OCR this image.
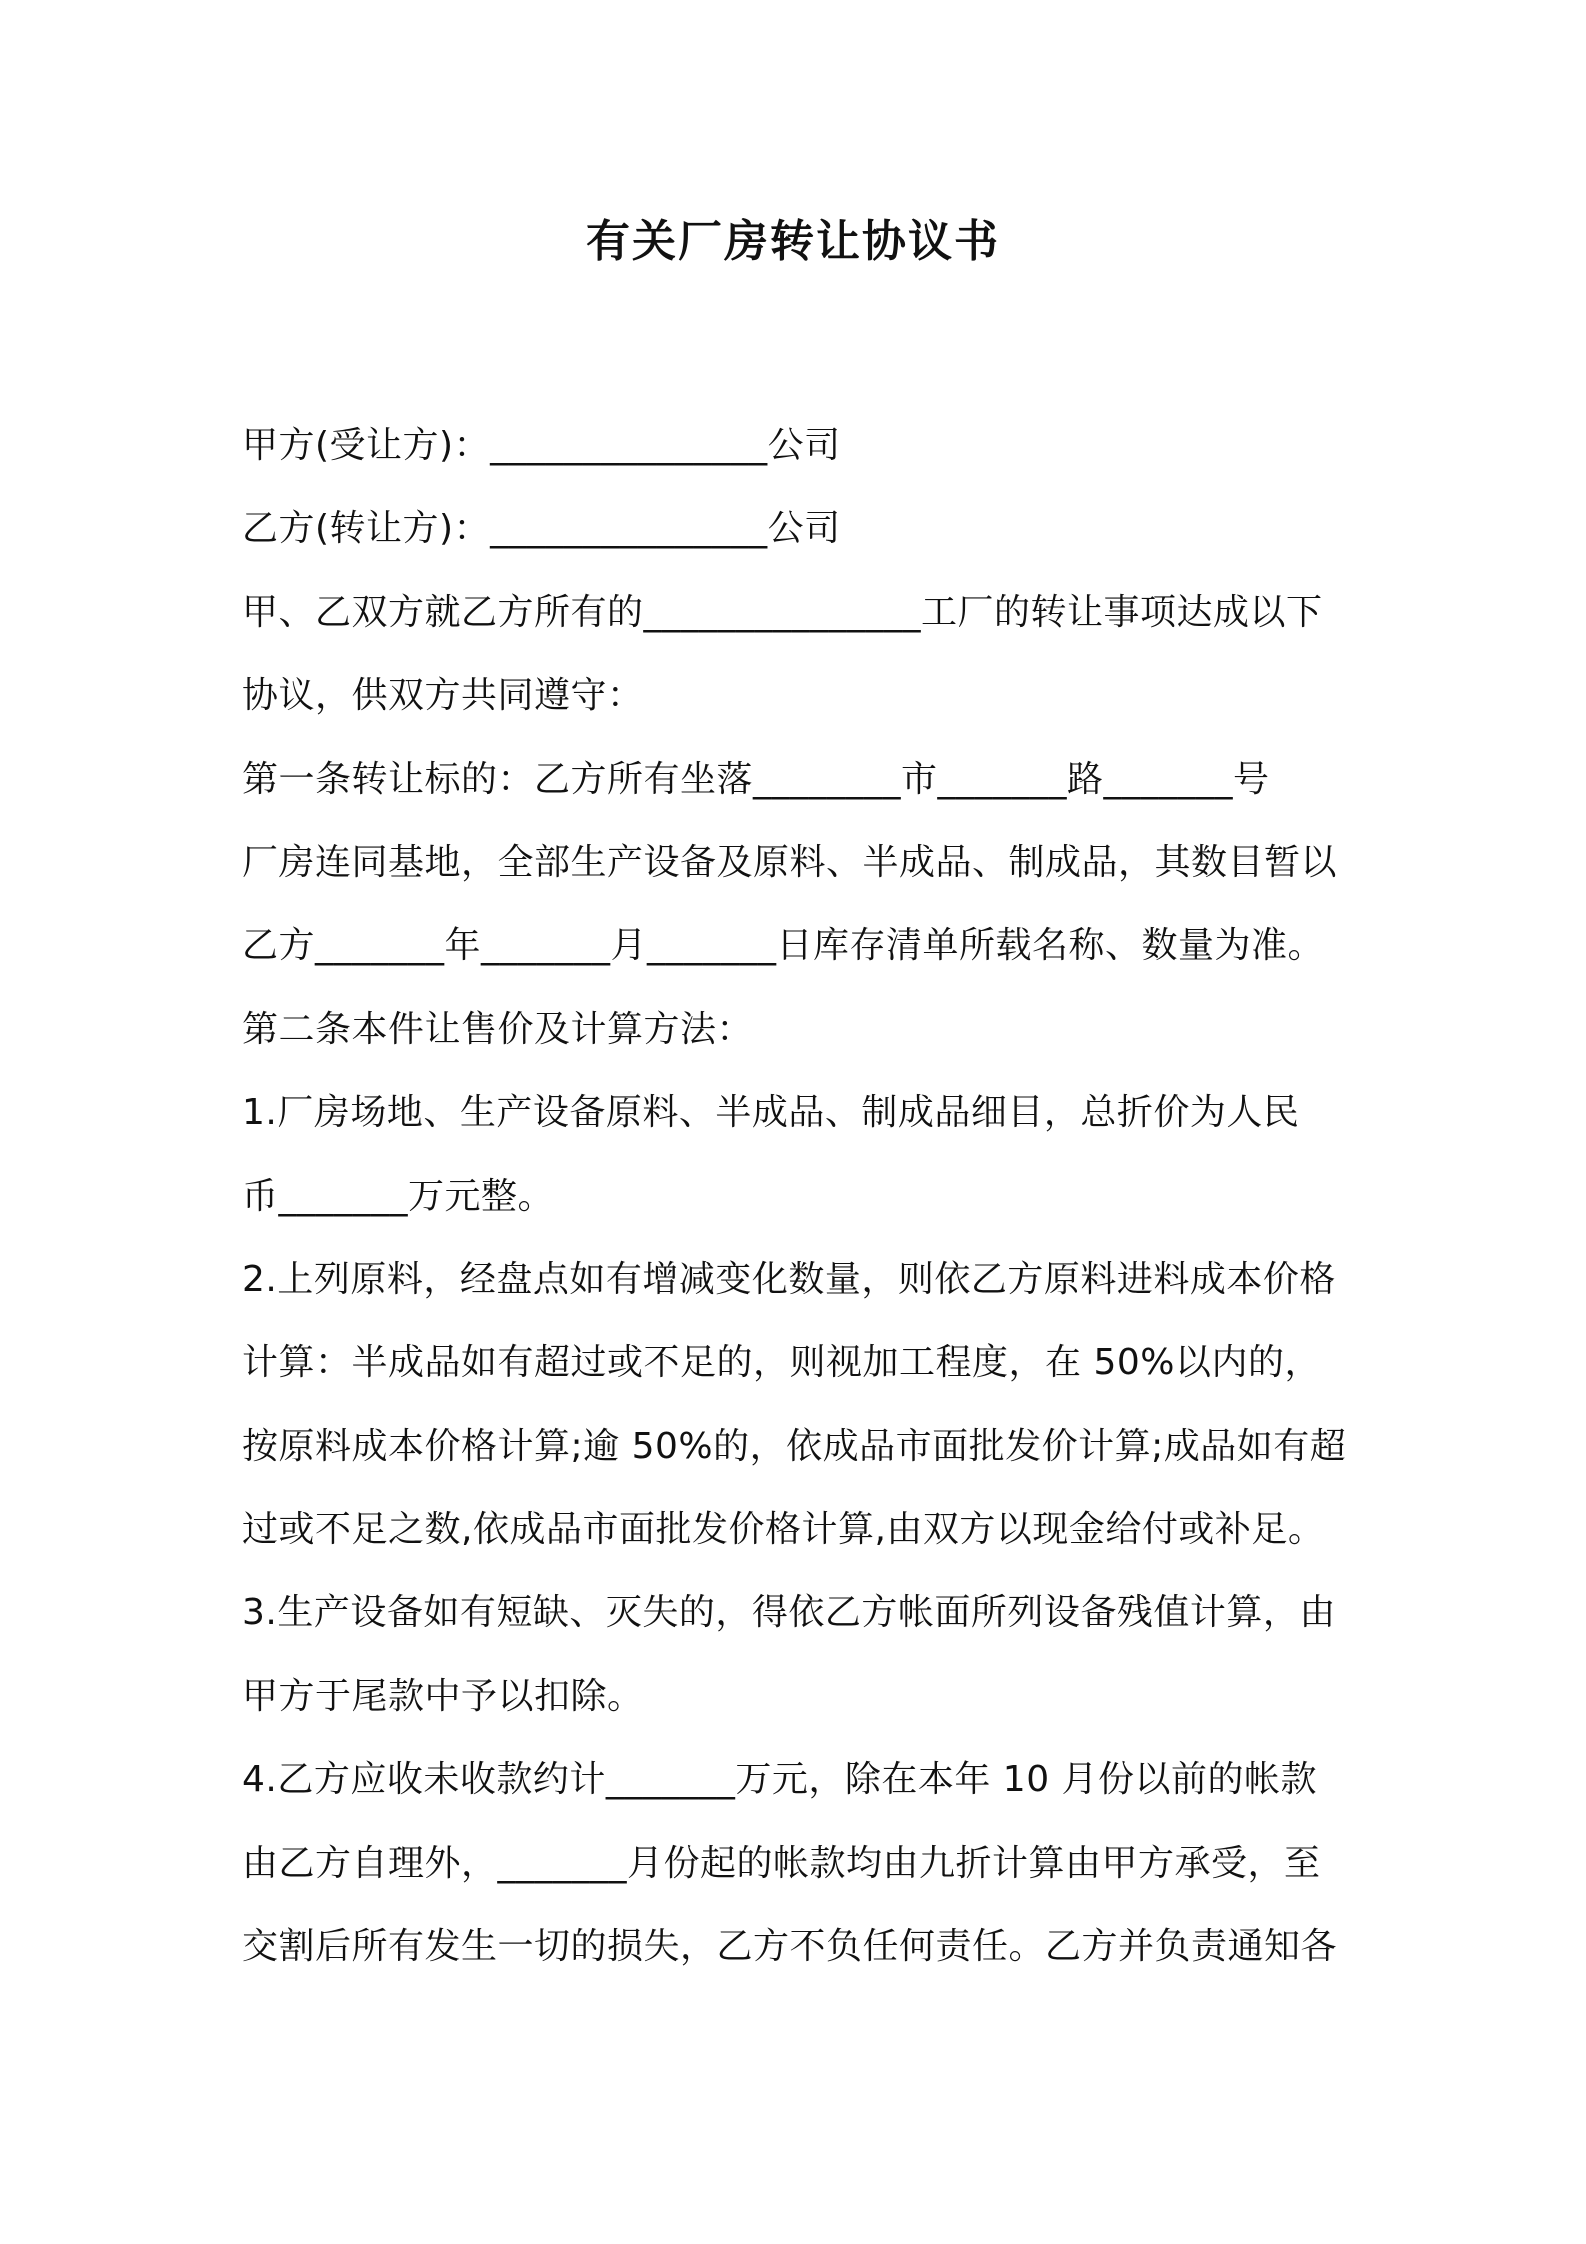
有关厂房转让协议书
甲方(受让方)：_______________公司
乙方(转让方)：_______________公司
甲、乙双方就乙方所有的_______________工厂的转让事项达成以下
协议，供双方共同遵守：
第一条转让标的：乙方所有坐落________市_______路_______号
厂房连同基地，全部生产设备及原料、半成品、制成品，其数目暂以
乙方_______年_______月_______日库存清单所载名称、数量为准。
第二条本件让售价及计算方法：
1.厂房场地、生产设备原料、半成品、制成品细目，总折价为人民
币_______万元整。
2.上列原料，经盘点如有增减变化数量，则依乙方原料进料成本价格
计算：半成品如有超过或不足的，则视加工程度，在 50%以内的，
按原料成本价格计算;逾 50%的，依成品市面批发价计算;成品如有超
过或不足之数,依成品市面批发价格计算,由双方以现金给付或补足。
3.生产设备如有短缺、灭失的，得依乙方帐面所列设备残值计算，由
甲方于尾款中予以扣除。
4.乙方应收未收款约计_______万元，除在本年 10 月份以前的帐款
由乙方自理外，_______月份起的帐款均由九折计算由甲方承受，至
交割后所有发生一切的损失，乙方不负任何责任。乙方并负责通知各
